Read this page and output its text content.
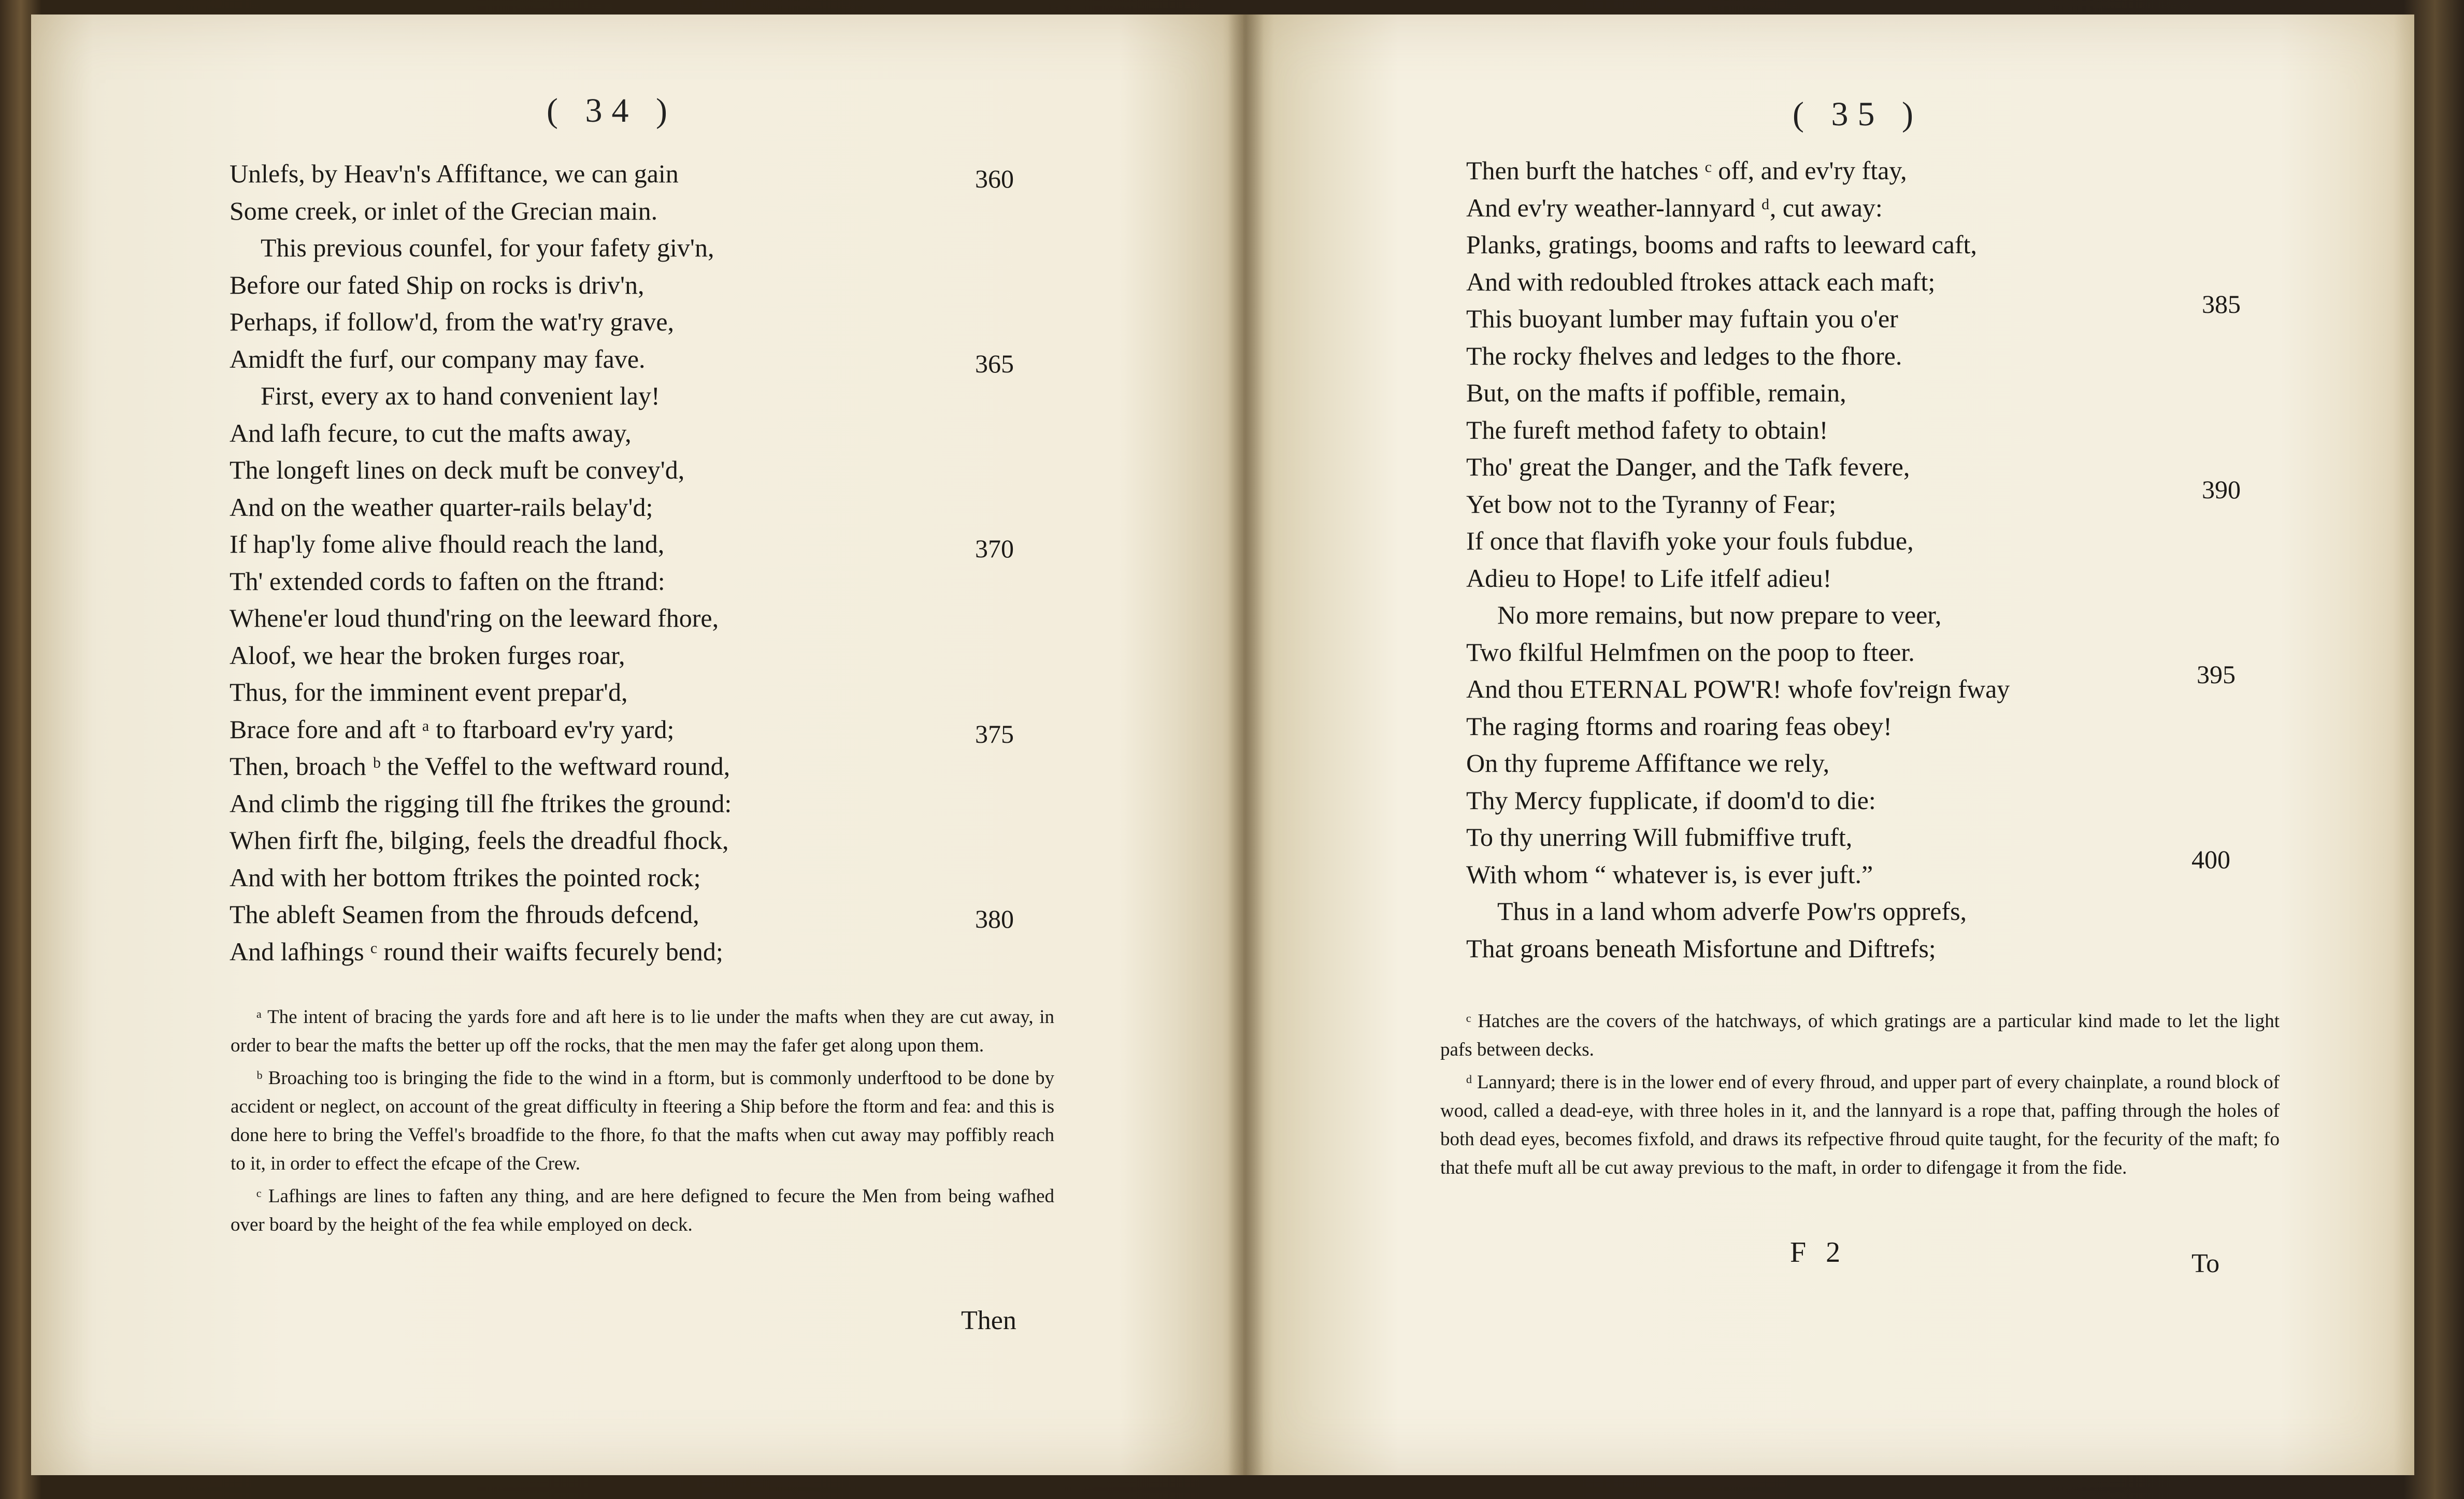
( 34 )
Unlefs, by Heav'n's Affiftance, we can gain
Some creek, or inlet of the Grecian main.
This previous counfel, for your fafety giv'n,
Before our fated Ship on rocks is driv'n,
Perhaps, if follow'd, from the wat'ry grave,
Amidft the furf, our company may fave.
First, every ax to hand convenient lay!
And lafh fecure, to cut the mafts away,
The longeft lines on deck muft be convey'd,
And on the weather quarter-rails belay'd;
If hap'ly fome alive fhould reach the land,
Th' extended cords to faften on the ftrand:
Whene'er loud thund'ring on the leeward fhore,
Aloof, we hear the broken furges roar,
Thus, for the imminent event prepar'd,
Brace fore and aft ᵃ to ftarboard ev'ry yard;
Then, broach ᵇ the Veffel to the weftward round,
And climb the rigging till fhe ftrikes the ground:
When firft fhe, bilging, feels the dreadful fhock,
And with her bottom ftrikes the pointed rock;
The ableft Seamen from the fhrouds defcend,
And lafhings ᶜ round their waifts fecurely bend;
360
365
370
375
380

ᵃ The intent of bracing the yards fore and aft here is to lie under the mafts when they are cut away, in order to bear the mafts the better up off the rocks, that the men may the fafer get along upon them.

ᵇ Broaching too is bringing the fide to the wind in a ftorm, but is commonly underftood to be done by accident or neglect, on account of the great difficulty in fteering a Ship before the ftorm and fea: and this is done here to bring the Veffel's broadfide to the fhore, fo that the mafts when cut away may poffibly reach to it, in order to effect the efcape of the Crew.

ᶜ Lafhings are lines to faften any thing, and are here defigned to fecure the Men from being wafhed over board by the height of the fea while employed on deck.

Then
( 35 )
Then burft the hatches ᶜ off, and ev'ry ftay,
And ev'ry weather-lannyard ᵈ, cut away:
Planks, gratings, booms and rafts to leeward caft,
And with redoubled ftrokes attack each maft;
This buoyant lumber may fuftain you o'er
The rocky fhelves and ledges to the fhore.
But, on the mafts if poffible, remain,
The fureft method fafety to obtain!
Tho' great the Danger, and the Tafk fevere,
Yet bow not to the Tyranny of Fear;
If once that flavifh yoke your fouls fubdue,
Adieu to Hope! to Life itfelf adieu!
No more remains, but now prepare to veer,
Two fkilful Helmfmen on the poop to fteer.
And thou ETERNAL POW'R! whofe fov'reign fway
The raging ftorms and roaring feas obey!
On thy fupreme Affiftance we rely,
Thy Mercy fupplicate, if doom'd to die:
To thy unerring Will fubmiffive truft,
With whom “ whatever is, is ever juft.”
Thus in a land whom adverfe Pow'rs opprefs,
That groans beneath Misfortune and Diftrefs;
385
390
395
400

ᶜ Hatches are the covers of the hatchways, of which gratings are a particular kind made to let the light pafs between decks.

ᵈ Lannyard; there is in the lower end of every fhroud, and upper part of every chainplate, a round block of wood, called a dead-eye, with three holes in it, and the lannyard is a rope that, paffing through the holes of both dead eyes, becomes fixfold, and draws its refpective fhroud quite taught, for the fecurity of the maft; fo that thefe muft all be cut away previous to the maft, in order to difengage it from the fide.

F 2	To
